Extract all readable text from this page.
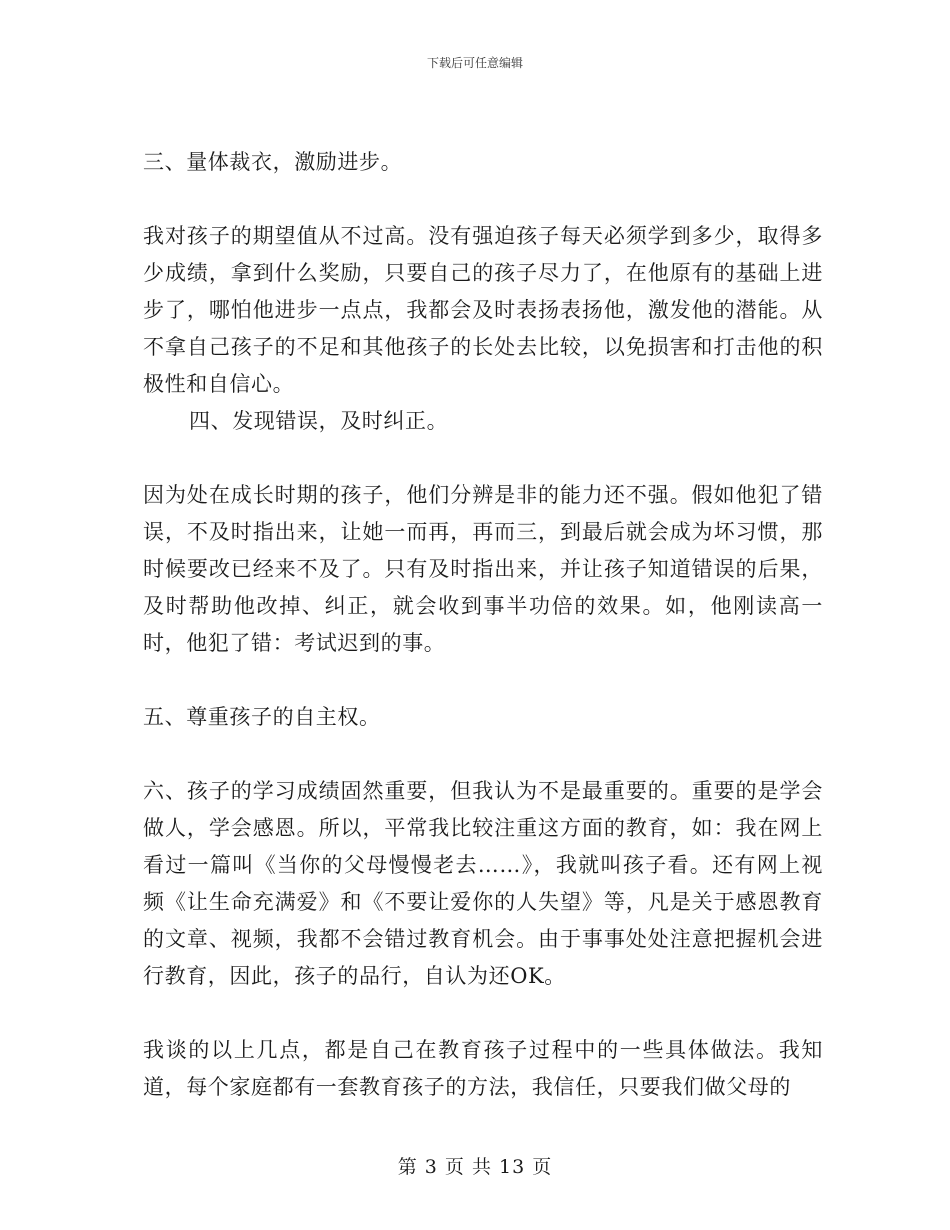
下载后可任意编辑

三、量体裁衣，激励进步。

我对孩子的期望值从不过高。没有强迫孩子每天必须学到多少，取得多少成绩，拿到什么奖励，只要自己的孩子尽力了，在他原有的基础上进步了，哪怕他进步一点点，我都会及时表扬表扬他，激发他的潜能。从不拿自己孩子的不足和其他孩子的长处去比较，以免损害和打击他的积极性和自信心。

四、发现错误，及时纠正。

因为处在成长时期的孩子，他们分辨是非的能力还不强。假如他犯了错误，不及时指出来，让她一而再，再而三，到最后就会成为坏习惯，那时候要改已经来不及了。只有及时指出来，并让孩子知道错误的后果，及时帮助他改掉、纠正，就会收到事半功倍的效果。如，他刚读高一时，他犯了错：考试迟到的事。

五、尊重孩子的自主权。

六、孩子的学习成绩固然重要，但我认为不是最重要的。重要的是学会做人，学会感恩。所以，平常我比较注重这方面的教育，如：我在网上看过一篇叫《当你的父母慢慢老去……》，我就叫孩子看。还有网上视频《让生命充满爱》和《不要让爱你的人失望》等，凡是关于感恩教育的文章、视频，我都不会错过教育机会。由于事事处处注意把握机会进行教育，因此，孩子的品行，自认为还OK。

我谈的以上几点，都是自己在教育孩子过程中的一些具体做法。我知道，每个家庭都有一套教育孩子的方法，我信任，只要我们做父母的

第 3 页 共 13 页
